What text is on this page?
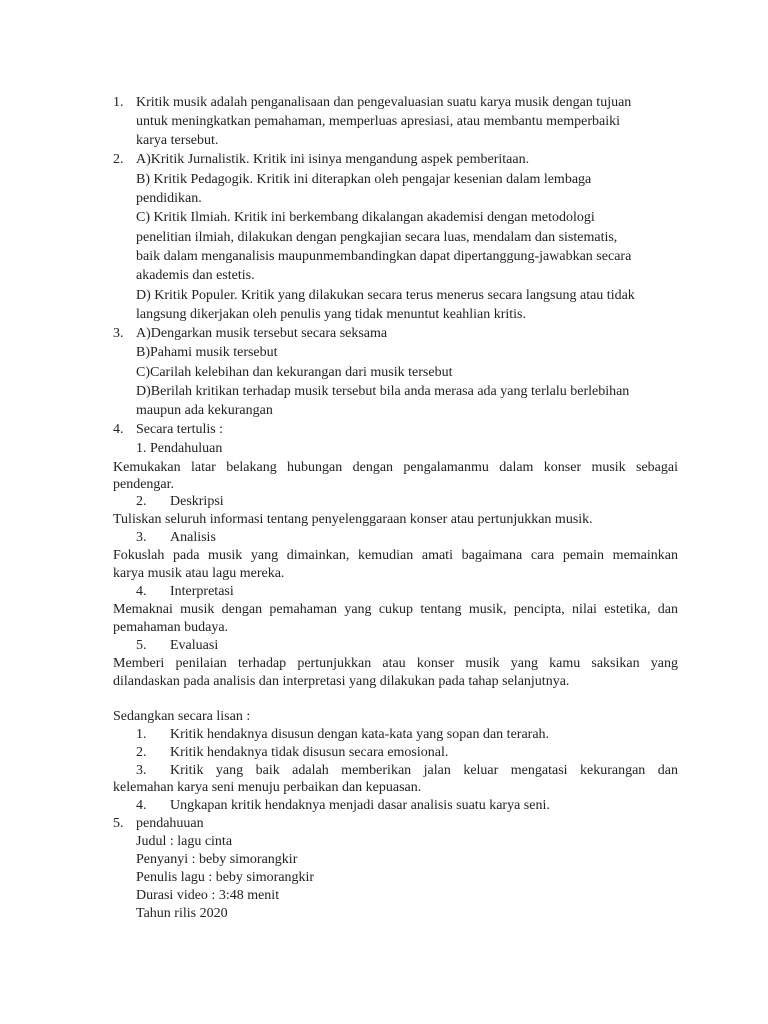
1. Kritik musik adalah penganalisaan dan pengevaluasian suatu karya musik dengan tujuan
untuk meningkatkan pemahaman, memperluas apresiasi, atau membantu memperbaiki
karya tersebut.
2. A)Kritik Jurnalistik. Kritik ini isinya mengandung aspek pemberitaan.
B) Kritik Pedagogik. Kritik ini diterapkan oleh pengajar kesenian dalam lembaga
pendidikan.
C) Kritik Ilmiah. Kritik ini berkembang dikalangan akademisi dengan metodologi
penelitian ilmiah, dilakukan dengan pengkajian secara luas, mendalam dan sistematis,
baik dalam menganalisis maupunmembandingkan dapat dipertanggung-jawabkan secara
akademis dan estetis.
D) Kritik Populer. Kritik yang dilakukan secara terus menerus secara langsung atau tidak
langsung dikerjakan oleh penulis yang tidak menuntut keahlian kritis.
3. A)Dengarkan musik tersebut secara seksama
B)Pahami musik tersebut
C)Carilah kelebihan dan kekurangan dari musik tersebut
D)Berilah kritikan terhadap musik tersebut bila anda merasa ada yang terlalu berlebihan
maupun ada kekurangan
4. Secara tertulis :
1. Pendahuluan
Kemukakan latar belakang hubungan dengan pengalamanmu dalam konser musik sebagai
pendengar.
2. Deskripsi
Tuliskan seluruh informasi tentang penyelenggaraan konser atau pertunjukkan musik.
3. Analisis
Fokuslah pada musik yang dimainkan, kemudian amati bagaimana cara pemain memainkan
karya musik atau lagu mereka.
4. Interpretasi
Memaknai musik dengan pemahaman yang cukup tentang musik, pencipta, nilai estetika, dan
pemahaman budaya.
5. Evaluasi
Memberi penilaian terhadap pertunjukkan atau konser musik yang kamu saksikan yang
dilandaskan pada analisis dan interpretasi yang dilakukan pada tahap selanjutnya.
Sedangkan secara lisan :
1. Kritik hendaknya disusun dengan kata-kata yang sopan dan terarah.
2. Kritik hendaknya tidak disusun secara emosional.
3. Kritik yang baik adalah memberikan jalan keluar mengatasi kekurangan dan
kelemahan karya seni menuju perbaikan dan kepuasan.
4. Ungkapan kritik hendaknya menjadi dasar analisis suatu karya seni.
5. pendahuuan
Judul : lagu cinta
Penyanyi : beby simorangkir
Penulis lagu : beby simorangkir
Durasi video : 3:48 menit
Tahun rilis 2020
